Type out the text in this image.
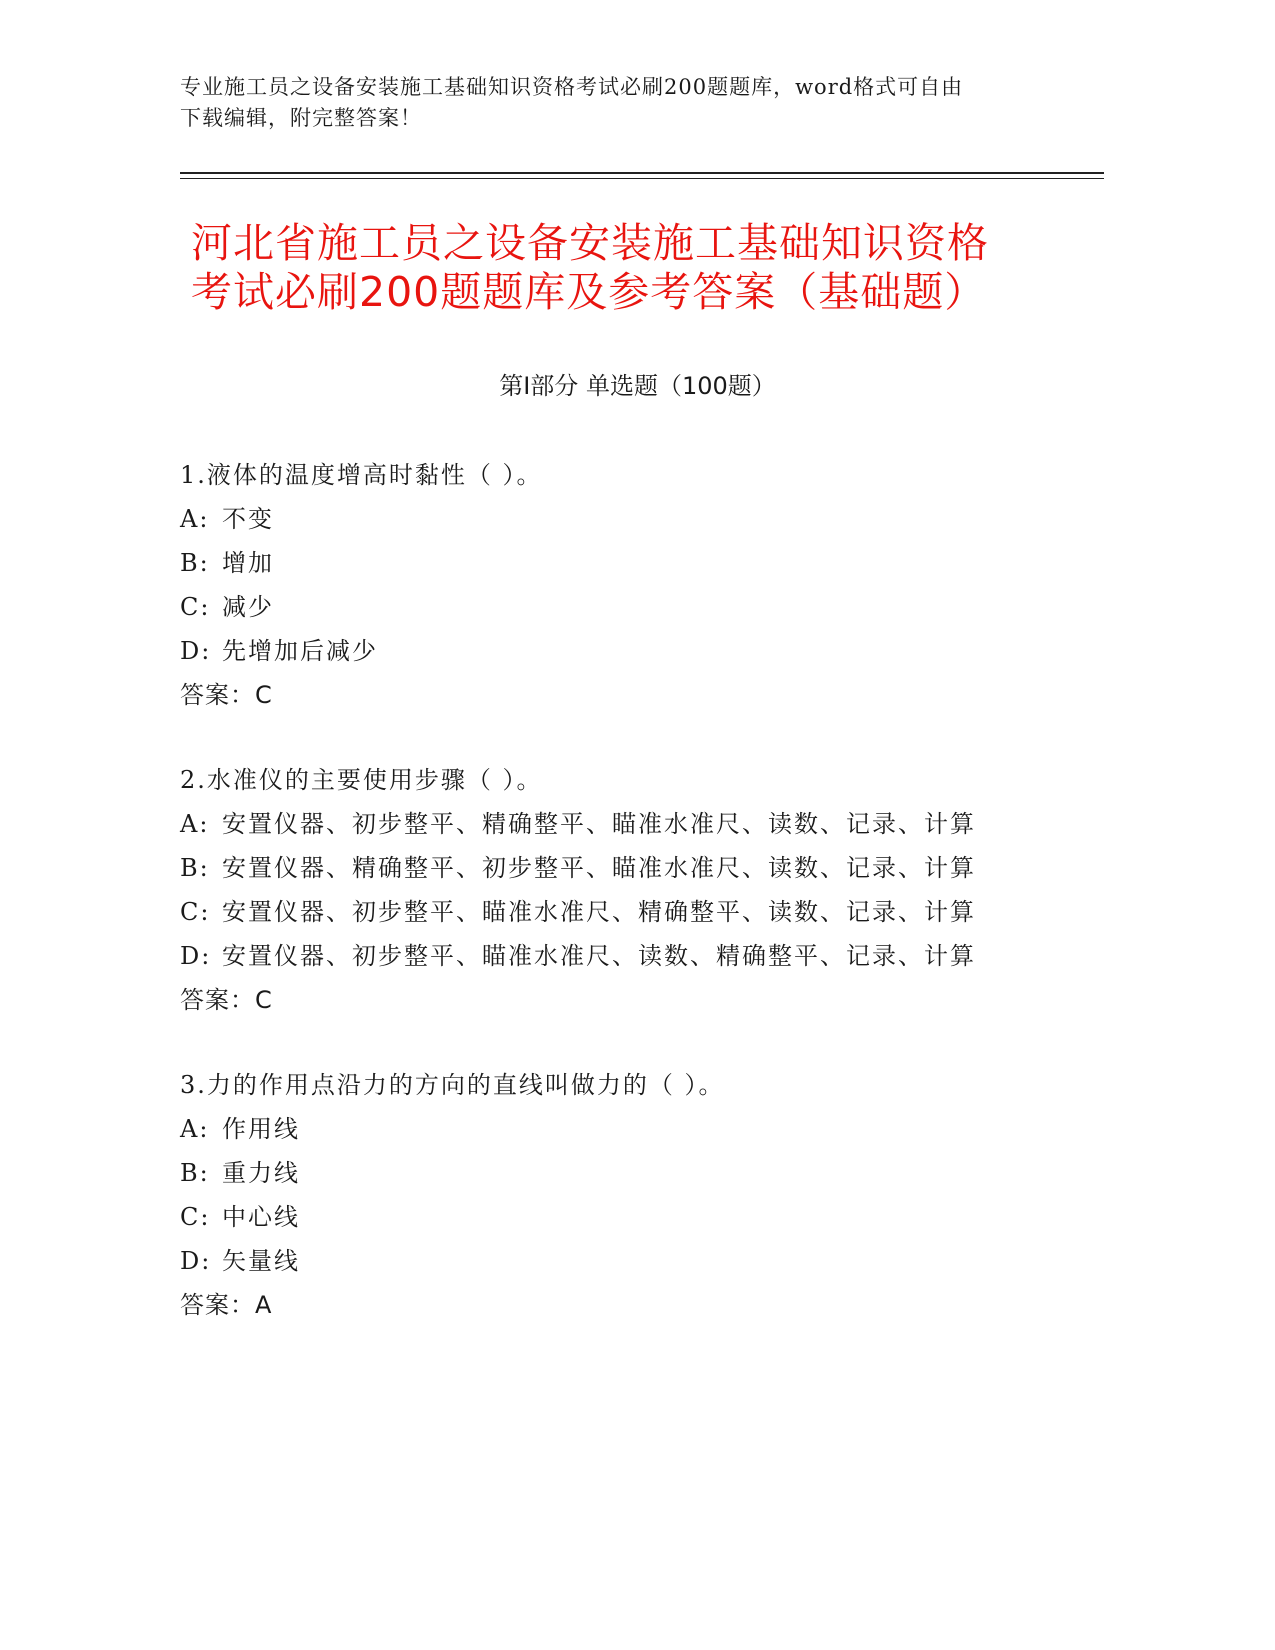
专业施工员之设备安装施工基础知识资格考试必刷200题题库，word格式可自由
下载编辑，附完整答案！
河北省施工员之设备安装施工基础知识资格
考试必刷200题题库及参考答案（基础题）
第Ⅰ部分 单选题（100题）
1.液体的温度增高时黏性（ ）。
A: 不变
B: 增加
C: 减少
D: 先增加后减少
答案：C
2.水准仪的主要使用步骤（ ）。
A: 安置仪器、初步整平、精确整平、瞄准水准尺、读数、记录、计算
B: 安置仪器、精确整平、初步整平、瞄准水准尺、读数、记录、计算
C: 安置仪器、初步整平、瞄准水准尺、精确整平、读数、记录、计算
D: 安置仪器、初步整平、瞄准水准尺、读数、精确整平、记录、计算
答案：C
3.力的作用点沿力的方向的直线叫做力的（ ）。
A: 作用线
B: 重力线
C: 中心线
D: 矢量线
答案：A
